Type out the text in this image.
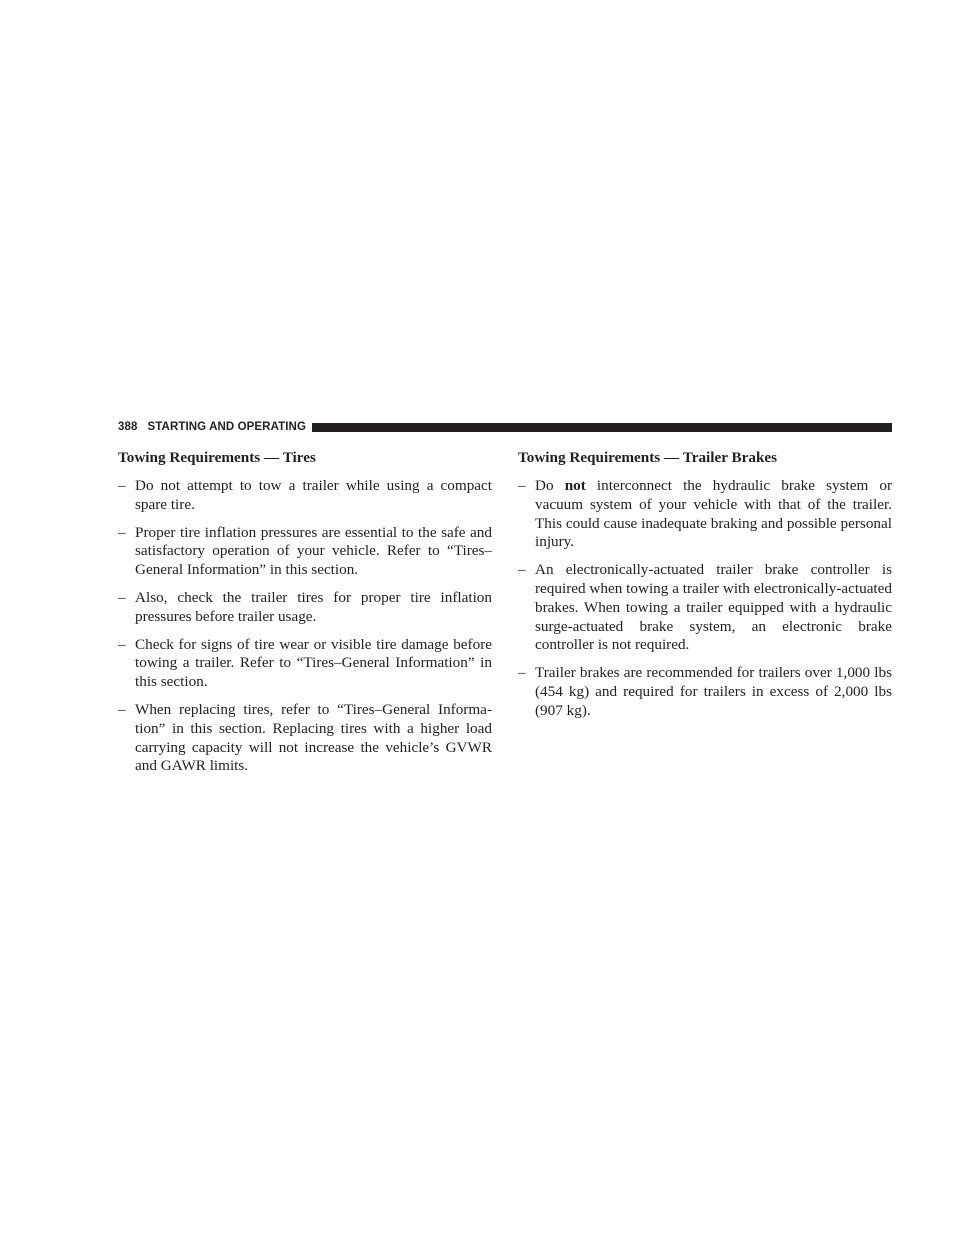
388 STARTING AND OPERATING
Towing Requirements — Tires
– Do not attempt to tow a trailer while using a compact spare tire.
– Proper tire inflation pressures are essential to the safe and satisfactory operation of your vehicle. Refer to “Tires–General Information” in this section.
– Also, check the trailer tires for proper tire inflation pressures before trailer usage.
– Check for signs of tire wear or visible tire damage before towing a trailer. Refer to “Tires–General Information” in this section.
– When replacing tires, refer to “Tires–General Information” in this section. Replacing tires with a higher load carrying capacity will not increase the vehicle’s GVWR and GAWR limits.
Towing Requirements — Trailer Brakes
– Do not interconnect the hydraulic brake system or vacuum system of your vehicle with that of the trailer. This could cause inadequate braking and possible personal injury.
– An electronically-actuated trailer brake controller is required when towing a trailer with electronically-actuated brakes. When towing a trailer equipped with a hydraulic surge-actuated brake system, an electronic brake controller is not required.
– Trailer brakes are recommended for trailers over 1,000 lbs (454 kg) and required for trailers in excess of 2,000 lbs (907 kg).
